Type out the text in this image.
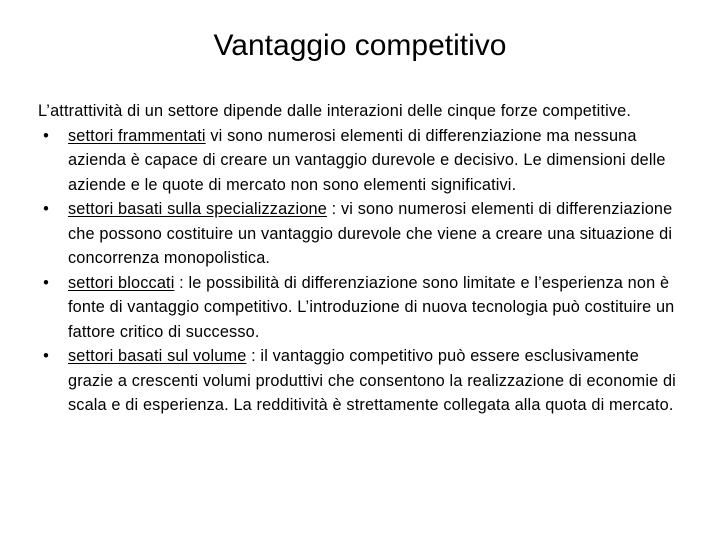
Vantaggio competitivo

L’attrattività di un settore dipende dalle interazioni delle cinque forze competitive.

•	settori frammentati vi sono numerosi elementi di differenziazione ma nessuna azienda è capace di creare un vantaggio durevole e decisivo. Le dimensioni delle aziende e le quote di mercato non sono elementi significativi.
•	settori basati sulla specializzazione : vi sono numerosi elementi di differenziazione che possono costituire un vantaggio durevole che viene a creare una situazione di concorrenza monopolistica.
•	settori bloccati : le possibilità di differenziazione sono limitate e l’esperienza non è fonte di vantaggio competitivo. L’introduzione di nuova tecnologia può costituire un fattore critico di successo.
•	settori basati sul volume : il vantaggio competitivo può essere esclusivamente grazie a crescenti volumi produttivi che consentono la realizzazione di economie di scala e di esperienza. La redditività è strettamente collegata alla quota di mercato.
